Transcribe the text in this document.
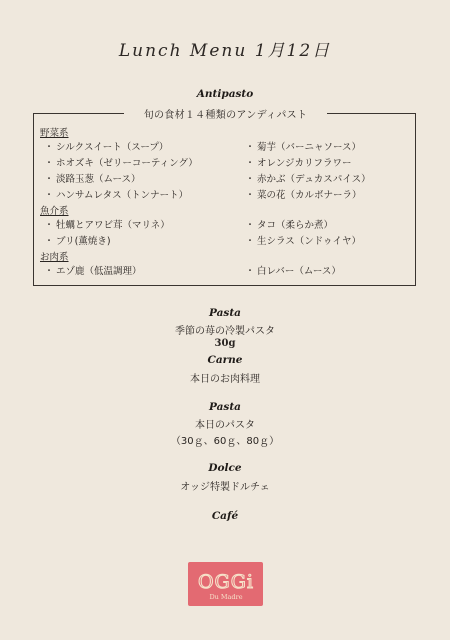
Lunch Menu 1月12日
Antipasto
旬の食材１４種類のアンディパスト
野菜系
・ シルクスイート（スープ）
・ ホオズキ（ゼリーコーティング）
・ 淡路玉葱（ムース）
・ ハンサムレタス（トンナート）
・ 菊芋（バーニャソース）
・ オレンジカリフラワー
・ 赤かぶ（デュカスパイス）
・ 菜の花（カルボナーラ）
魚介系
・ 牡蠣とアワビ茸（マリネ）
・ ブリ(薫焼き)
・ タコ（柔らか煮）
・ 生シラス（ンドゥイヤ）
お肉系
・ エゾ鹿（低温調理）	・ 白レバー（ムース）
Pasta
季節の苺の冷製パスタ
30g
Carne
本日のお肉料理
Pasta
本日のパスタ
（30ｇ、60ｇ、80ｇ）
Dolce
オッジ特製ドルチェ
Café
OGGi
Du Madre
